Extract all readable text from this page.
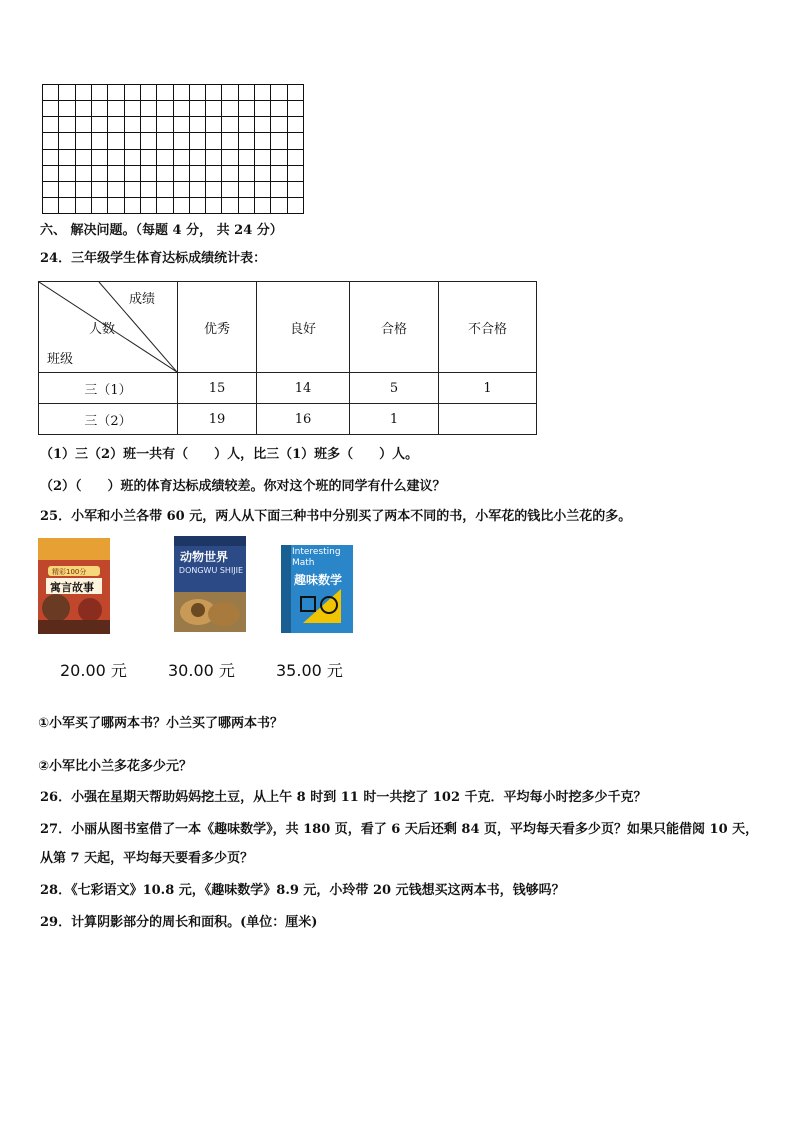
六、 解决问题。（每题 4 分， 共 24 分）
24．三年级学生体育达标成绩统计表：
成绩
人数
班级	优秀	良好	合格	不合格
三（1）	15	14	5	1
三（2）	19	16	1	
（1）三（2）班一共有（　　）人，比三（1）班多（　　）人。
（2）（　　）班的体育达标成绩较差。你对这个班的同学有什么建议？
25．小军和小兰各带 60 元，两人从下面三种书中分别买了两本不同的书，小军花的钱比小兰花的多。
精彩100分
寓言故事
动物世界
DONGWU SHIJIE
Interesting Math
趣味数学
20.00 元	30.00 元	35.00 元
①小军买了哪两本书？小兰买了哪两本书？
②小军比小兰多花多少元？
26．小强在星期天帮助妈妈挖土豆，从上午 8 时到 11 时一共挖了 102 千克．平均每小时挖多少千克？
27．小丽从图书室借了一本《趣味数学》，共 180 页，看了 6 天后还剩 84 页，平均每天看多少页？如果只能借阅 10 天，
从第 7 天起，平均每天要看多少页？
28．《七彩语文》10.8 元，《趣味数学》8.9 元，小玲带 20 元钱想买这两本书，钱够吗？
29．计算阴影部分的周长和面积。(单位：厘米)
